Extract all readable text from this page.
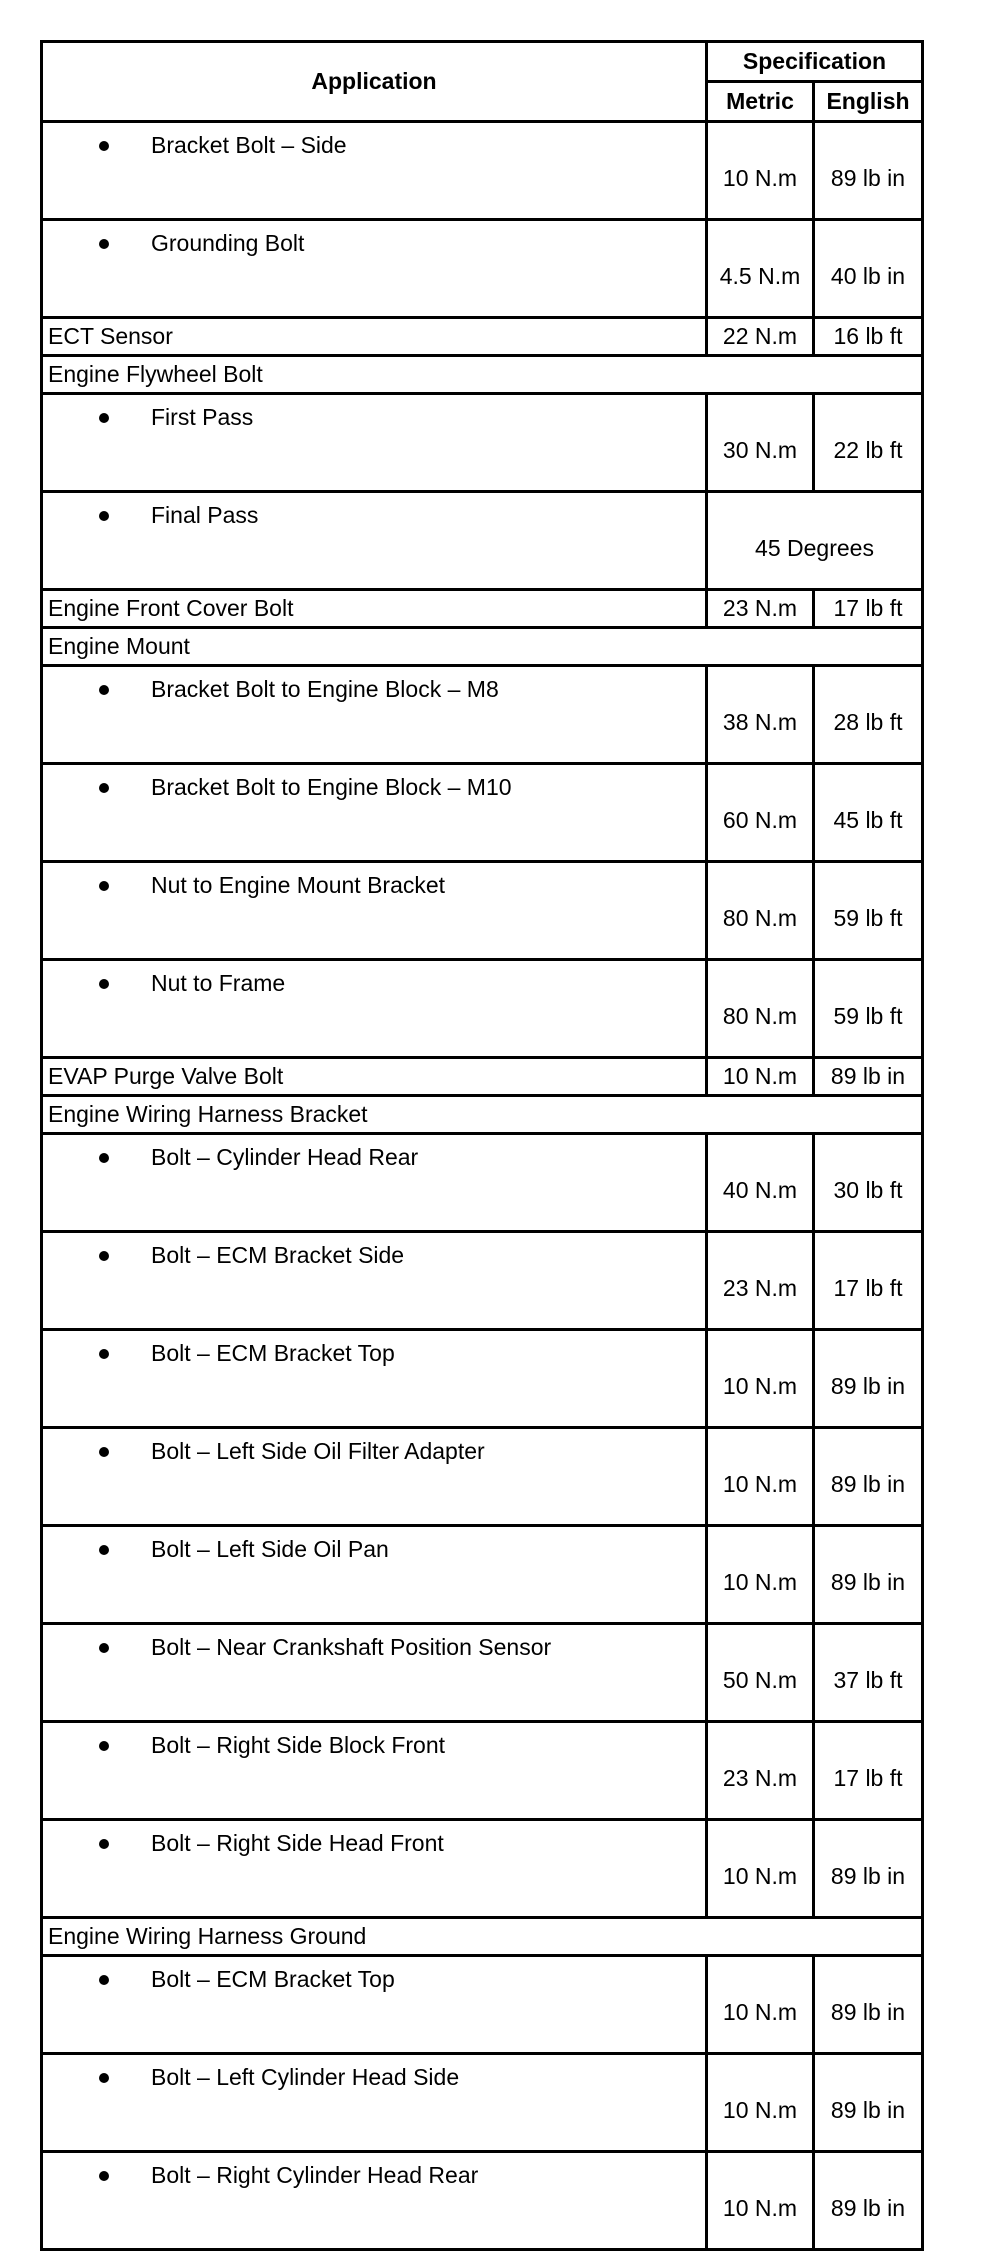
Application	Specification	
	Metric	English
Bracket Bolt – Side	10 N.m	89 lb in
Grounding Bolt	4.5 N.m	40 lb in
ECT Sensor	22 N.m	16 lb ft
Engine Flywheel Bolt		
First Pass	30 N.m	22 lb ft
Final Pass	45 Degrees	
Engine Front Cover Bolt	23 N.m	17 lb ft
Engine Mount		
Bracket Bolt to Engine Block – M8	38 N.m	28 lb ft
Bracket Bolt to Engine Block – M10	60 N.m	45 lb ft
Nut to Engine Mount Bracket	80 N.m	59 lb ft
Nut to Frame	80 N.m	59 lb ft
EVAP Purge Valve Bolt	10 N.m	89 lb in
Engine Wiring Harness Bracket		
Bolt – Cylinder Head Rear	40 N.m	30 lb ft
Bolt – ECM Bracket Side	23 N.m	17 lb ft
Bolt – ECM Bracket Top	10 N.m	89 lb in
Bolt – Left Side Oil Filter Adapter	10 N.m	89 lb in
Bolt – Left Side Oil Pan	10 N.m	89 lb in
Bolt – Near Crankshaft Position Sensor	50 N.m	37 lb ft
Bolt – Right Side Block Front	23 N.m	17 lb ft
Bolt – Right Side Head Front	10 N.m	89 lb in
Engine Wiring Harness Ground		
Bolt – ECM Bracket Top	10 N.m	89 lb in
Bolt – Left Cylinder Head Side	10 N.m	89 lb in
Bolt – Right Cylinder Head Rear	10 N.m	89 lb in
